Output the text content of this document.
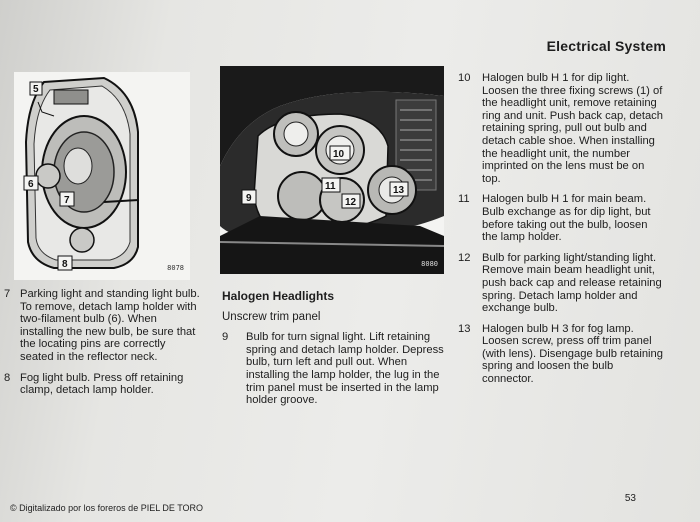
Electrical System
5
6
7
8	8078
9
10
11
12
13
8080
7 Parking light and standing light bulb. To remove, detach lamp holder with two-filament bulb (6). When installing the new bulb, be sure that the locating pins are correctly seated in the reflector neck.
8 Fog light bulb. Press off retaining clamp, detach lamp holder.
Halogen Headlights
Unscrew trim panel
9 Bulb for turn signal light. Lift retaining spring and detach lamp holder. Depress bulb, turn left and pull out. When installing the lamp holder, the lug in the trim panel must be inserted in the lamp holder groove.
10 Halogen bulb H 1 for dip light. Loosen the three fixing screws (1) of the headlight unit, remove retaining ring and unit. Push back cap, detach retaining spring, pull out bulb and detach cable shoe. When installing the headlight unit, the number imprinted on the lens must be on top.
11 Halogen bulb H 1 for main beam. Bulb exchange as for dip light, but before taking out the bulb, loosen the lamp holder.
12 Bulb for parking light/standing light. Remove main beam headlight unit, push back cap and release retaining spring. Detach lamp holder and exchange bulb.
13 Halogen bulb H 3 for fog lamp. Loosen screw, press off trim panel (with lens). Disengage bulb retaining spring and loosen the bulb connector.
53
© Digitalizado por los foreros de PIEL DE TORO
